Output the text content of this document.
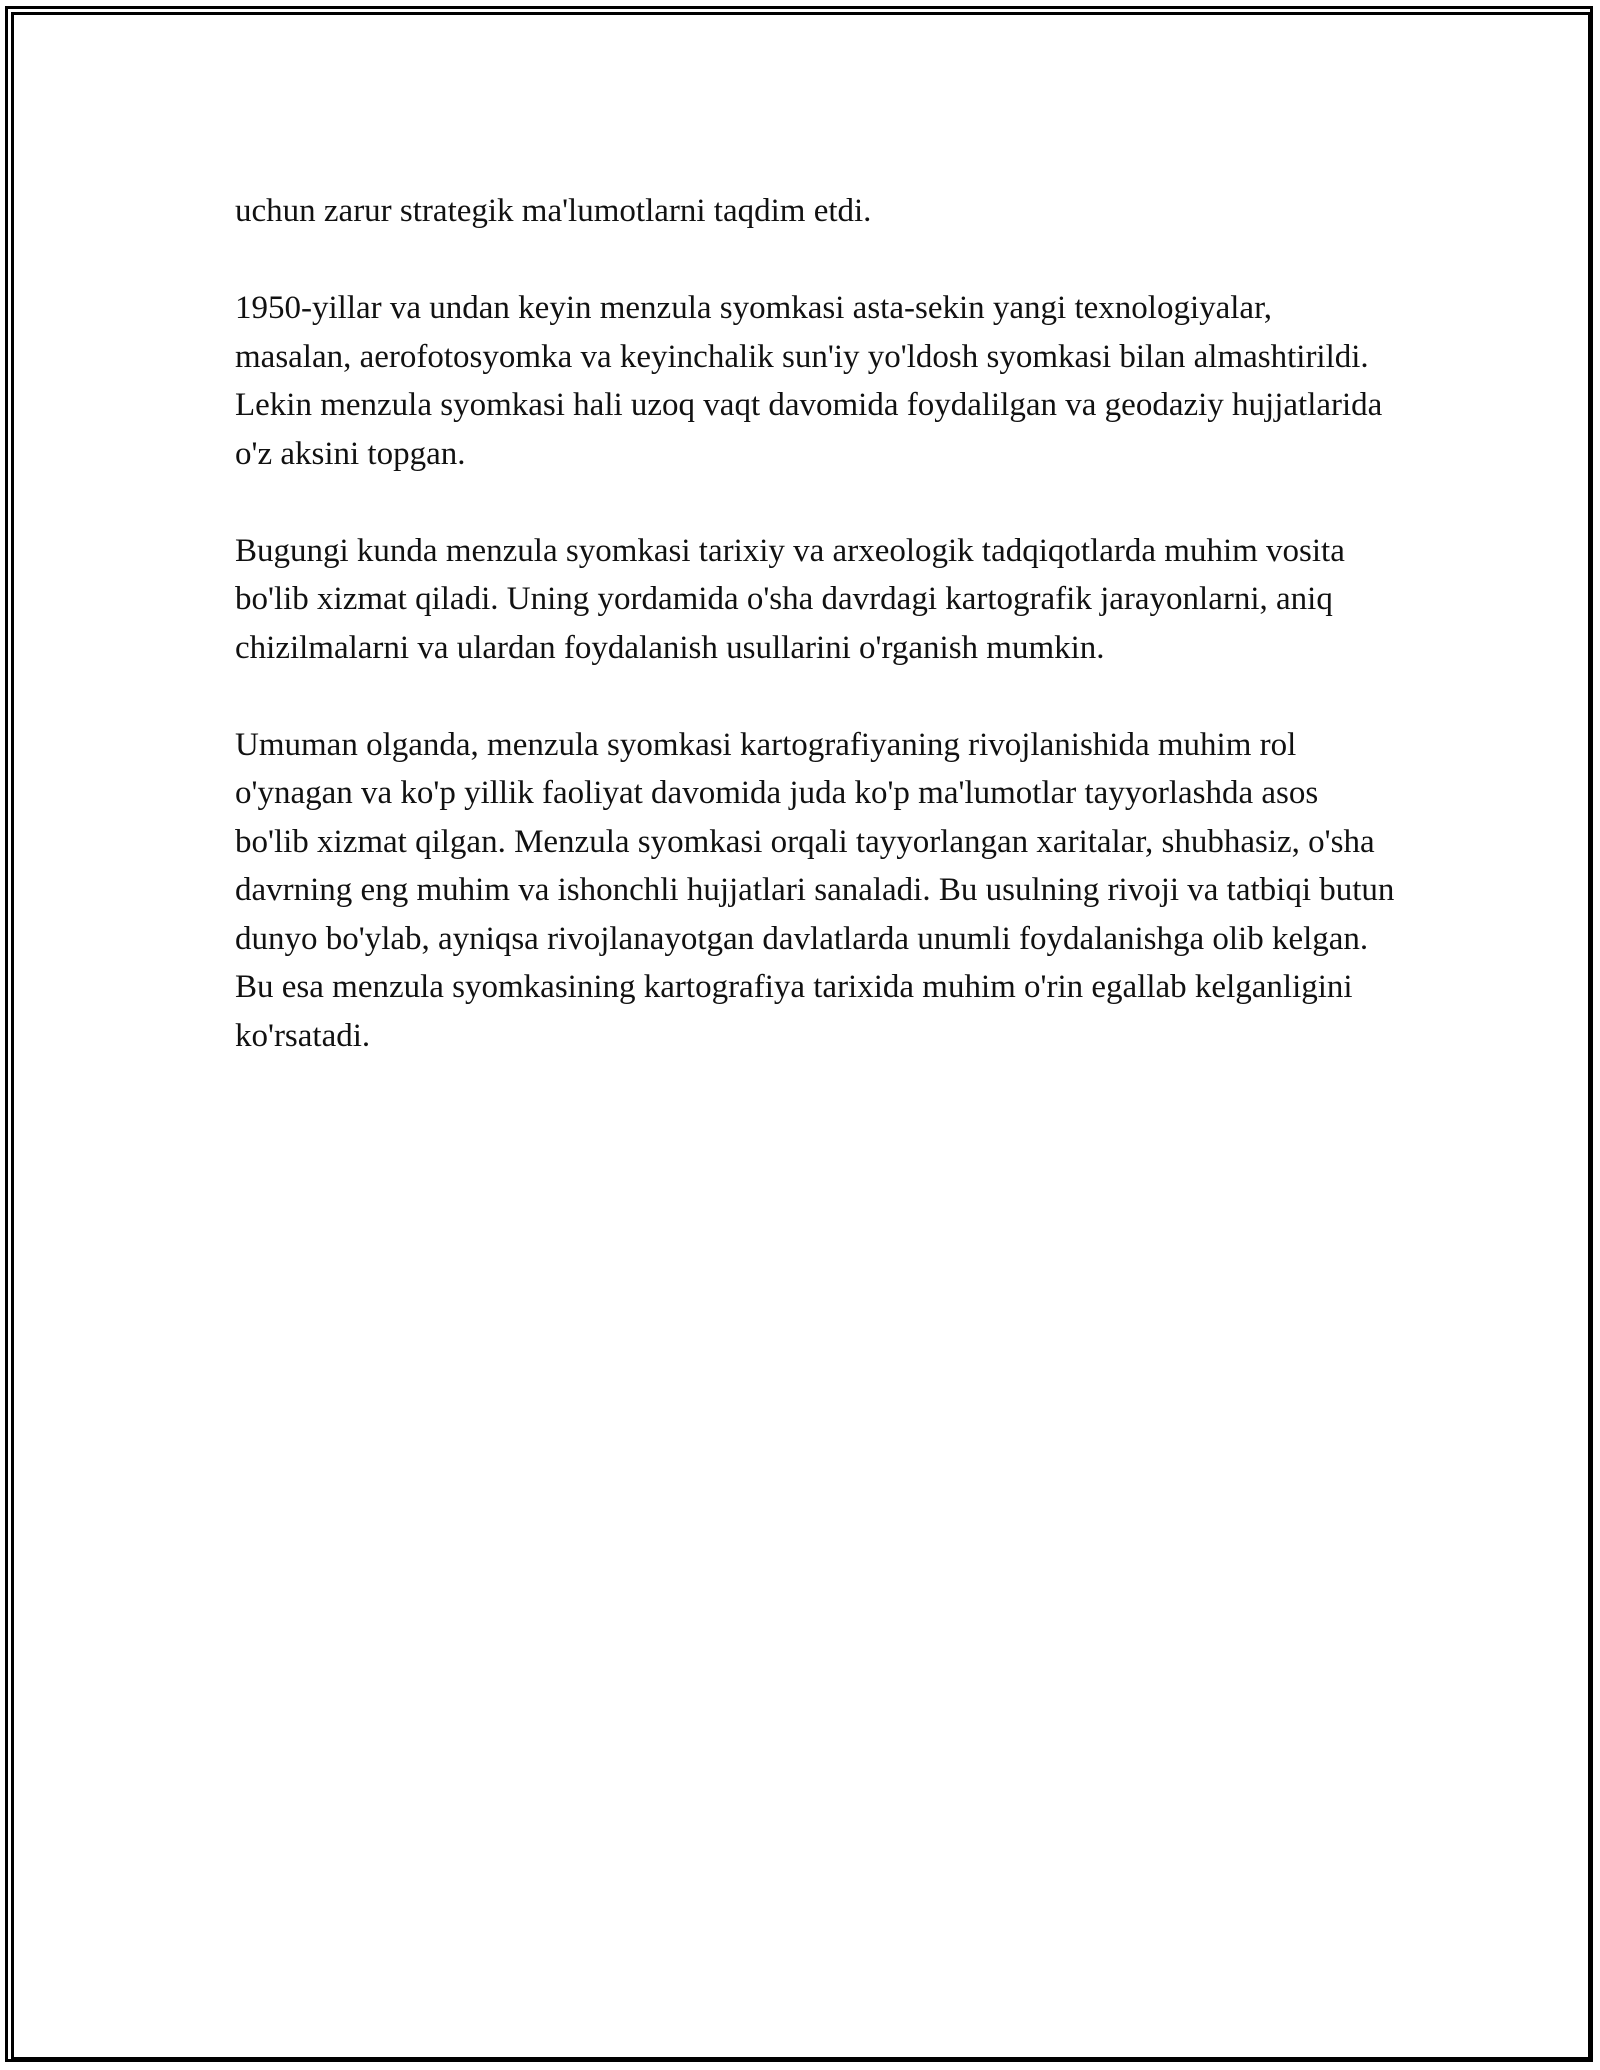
uchun zarur strategik ma'lumotlarni taqdim etdi.

1950-yillar va undan keyin menzula syomkasi asta-sekin yangi texnologiyalar, masalan, aerofotosyomka va keyinchalik sun'iy yo'ldosh syomkasi bilan almashtirildi. Lekin menzula syomkasi hali uzoq vaqt davomida foydalilgan va geodaziy hujjatlarida o'z aksini topgan.

Bugungi kunda menzula syomkasi tarixiy va arxeologik tadqiqotlarda muhim vosita bo'lib xizmat qiladi. Uning yordamida o'sha davrdagi kartografik jarayonlarni, aniq chizilmalarni va ulardan foydalanish usullarini o'rganish mumkin.

Umuman olganda, menzula syomkasi kartografiyaning rivojlanishida muhim rol o'ynagan va ko'p yillik faoliyat davomida juda ko'p ma'lumotlar tayyorlashda asos bo'lib xizmat qilgan. Menzula syomkasi orqali tayyorlangan xaritalar, shubhasiz, o'sha davrning eng muhim va ishonchli hujjatlari sanaladi. Bu usulning rivoji va tatbiqi butun dunyo bo'ylab, ayniqsa rivojlanayotgan davlatlarda unumli foydalanishga olib kelgan. Bu esa menzula syomkasining kartografiya tarixida muhim o'rin egallab kelganligini ko'rsatadi.
